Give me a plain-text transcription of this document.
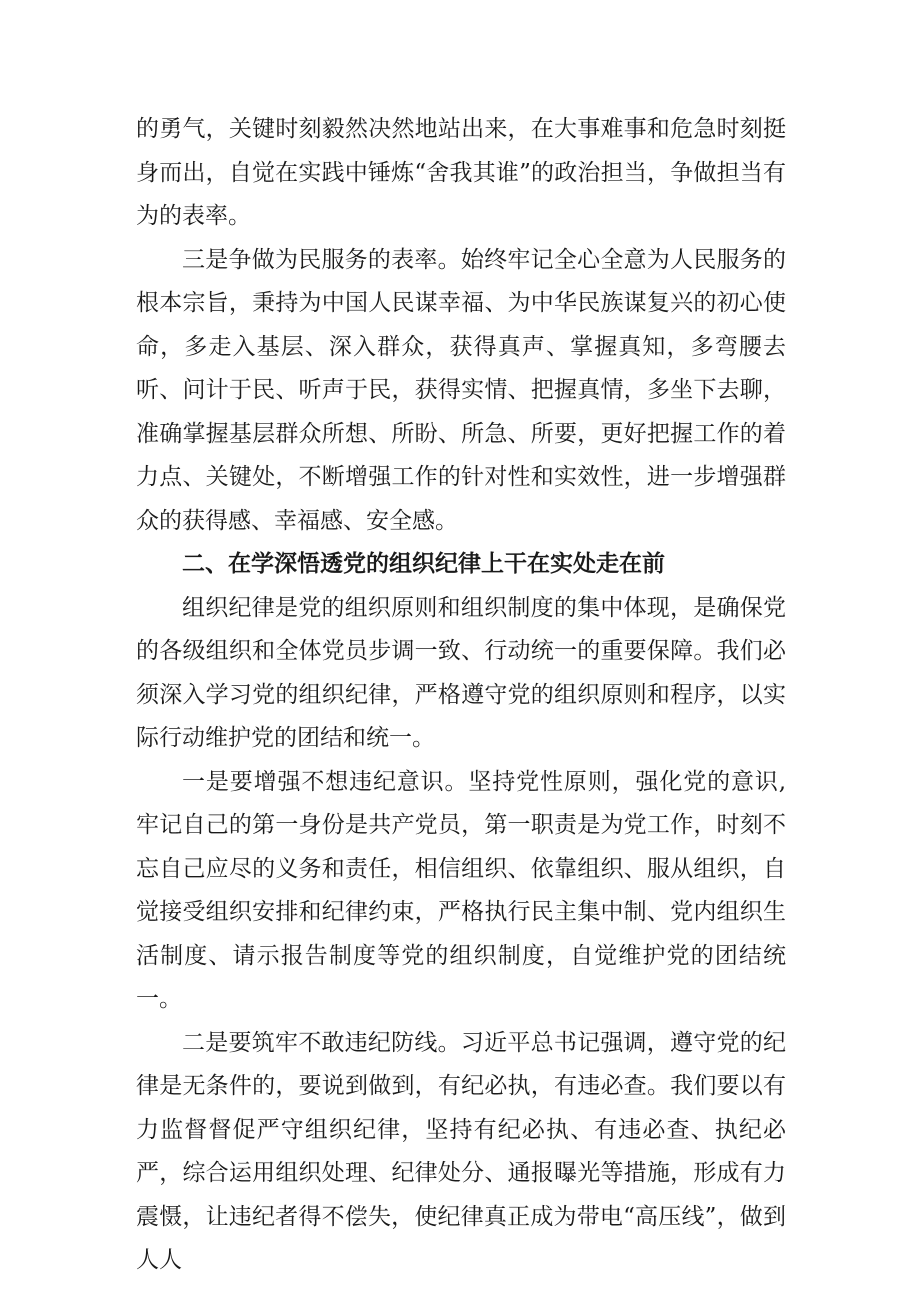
的勇气，关键时刻毅然决然地站出来，在大事难事和危急时刻挺身而出，自觉在实践中锤炼“舍我其谁”的政治担当，争做担当有为的表率。

三是争做为民服务的表率。始终牢记全心全意为人民服务的根本宗旨，秉持为中国人民谋幸福、为中华民族谋复兴的初心使命，多走入基层、深入群众，获得真声、掌握真知，多弯腰去听、问计于民、听声于民，获得实情、把握真情，多坐下去聊，准确掌握基层群众所想、所盼、所急、所要，更好把握工作的着力点、关键处，不断增强工作的针对性和实效性，进一步增强群众的获得感、幸福感、安全感。

二、在学深悟透党的组织纪律上干在实处走在前

组织纪律是党的组织原则和组织制度的集中体现，是确保党的各级组织和全体党员步调一致、行动统一的重要保障。我们必须深入学习党的组织纪律，严格遵守党的组织原则和程序，以实际行动维护党的团结和统一。

一是要增强不想违纪意识。坚持党性原则，强化党的意识,牢记自己的第一身份是共产党员，第一职责是为党工作，时刻不忘自己应尽的义务和责任，相信组织、依靠组织、服从组织，自觉接受组织安排和纪律约束，严格执行民主集中制、党内组织生活制度、请示报告制度等党的组织制度，自觉维护党的团结统一。

二是要筑牢不敢违纪防线。习近平总书记强调，遵守党的纪律是无条件的，要说到做到，有纪必执，有违必查。我们要以有力监督督促严守组织纪律，坚持有纪必执、有违必查、执纪必严，综合运用组织处理、纪律处分、通报曝光等措施，形成有力震慑，让违纪者得不偿失，使纪律真正成为带电“高压线”，做到人人
